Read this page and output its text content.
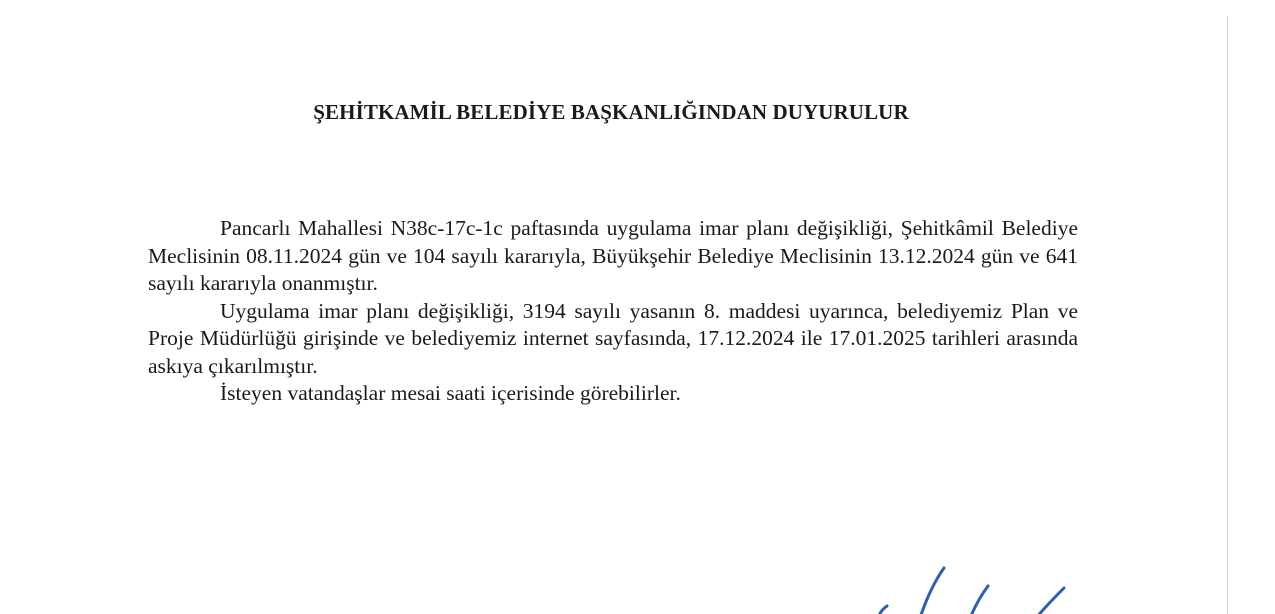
ŞEHİTKAMİL BELEDİYE BAŞKANLIĞINDAN DUYURULUR

Pancarlı Mahallesi N38c-17c-1c paftasında uygulama imar planı değişikliği, Şehitkâmil Belediye Meclisinin 08.11.2024 gün ve 104 sayılı kararıyla, Büyükşehir Belediye Meclisinin 13.12.2024 gün ve 641 sayılı kararıyla onanmıştır.

Uygulama imar planı değişikliği, 3194 sayılı yasanın 8. maddesi uyarınca, belediyemiz Plan ve Proje Müdürlüğü girişinde ve belediyemiz internet sayfasında, 17.12.2024 ile 17.01.2025 tarihleri arasında askıya çıkarılmıştır.

İsteyen vatandaşlar mesai saati içerisinde görebilirler.
